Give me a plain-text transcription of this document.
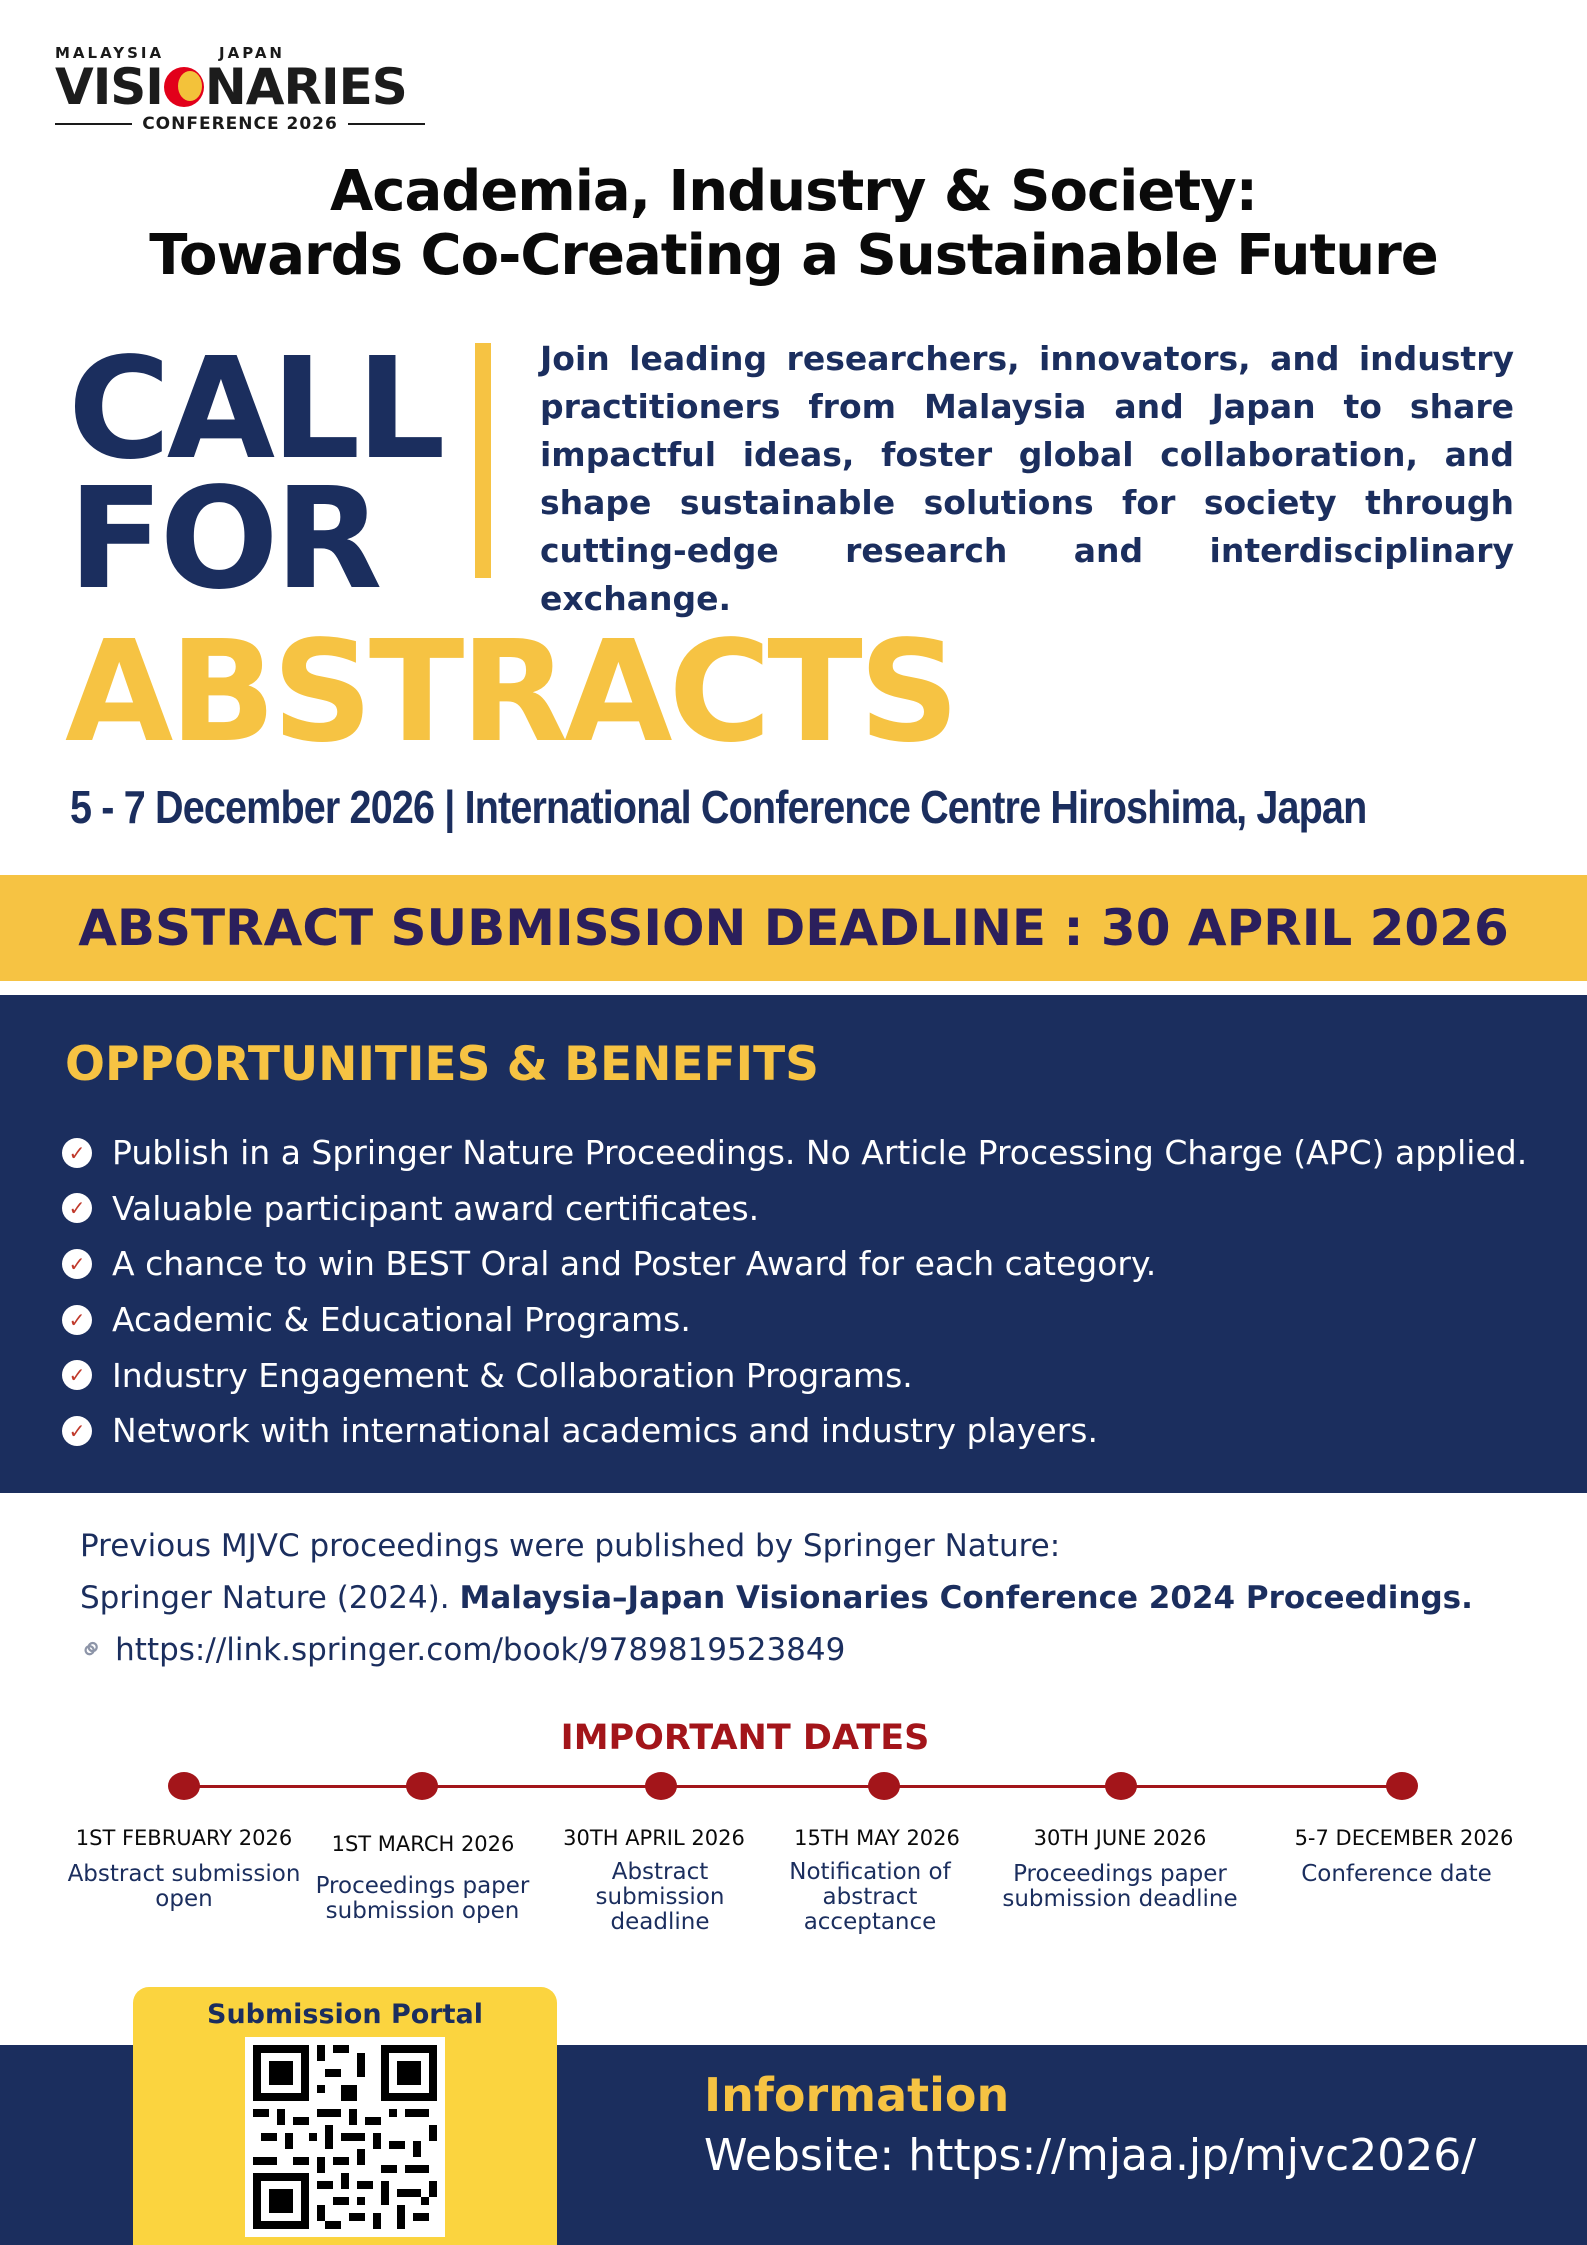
MALAYSIA	JAPAN
VISI NARIES
CONFERENCE 2026
Academia, Industry & Society:
Towards Co-Creating a Sustainable Future
CALL
FOR
Join leading researchers, innovators, and industry practitioners from Malaysia and Japan to share impactful ideas, foster global collaboration, and shape sustainable solutions for society through cutting-edge research and interdisciplinary exchange.
ABSTRACTS
5 - 7 December 2026 | International Conference Centre Hiroshima, Japan
ABSTRACT SUBMISSION DEADLINE : 30 APRIL 2026
OPPORTUNITIES & BENEFITS
✓ Publish in a Springer Nature Proceedings. No Article Processing Charge (APC) applied.
✓ Valuable participant award certificates.
✓ A chance to win BEST Oral and Poster Award for each category.
✓ Academic & Educational Programs.
✓ Industry Engagement & Collaboration Programs.
✓ Network with international academics and industry players.
Previous MJVC proceedings were published by Springer Nature:
Springer Nature (2024). Malaysia–Japan Visionaries Conference 2024 Proceedings.
⚭ https://link.springer.com/book/9789819523849
IMPORTANT DATES
1ST FEBRUARY 2026
Abstract submission open
1ST MARCH 2026
Proceedings paper submission open
30TH APRIL 2026
Abstract submission deadline
15TH MAY 2026
Notification of abstract acceptance
30TH JUNE 2026
Proceedings paper submission deadline
5-7 DECEMBER 2026
Conference date
Submission Portal
Information
Website: https://mjaa.jp/mjvc2026/
